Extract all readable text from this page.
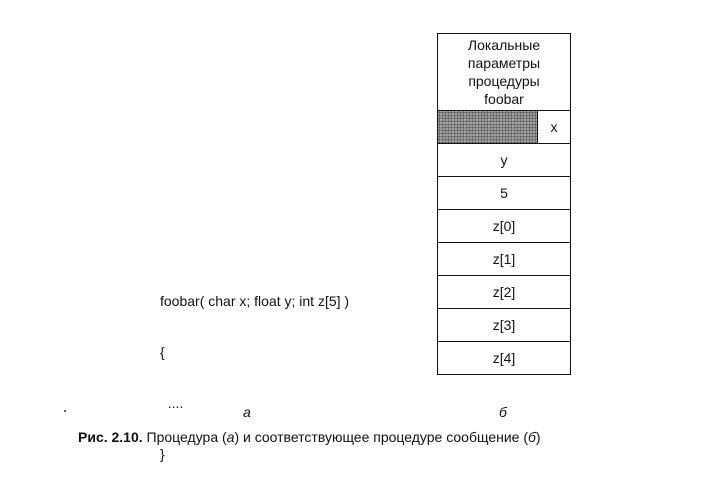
foobar( char x; float y; int z[5] )

{

....

}

Локальные
параметры
процедуры
foobar
x
y
5
z[0]
z[1]
z[2]
z[3]
z[4]
а	б
Рис. 2.10. Процедура (а) и соответствующее процедуре сообщение (б)
